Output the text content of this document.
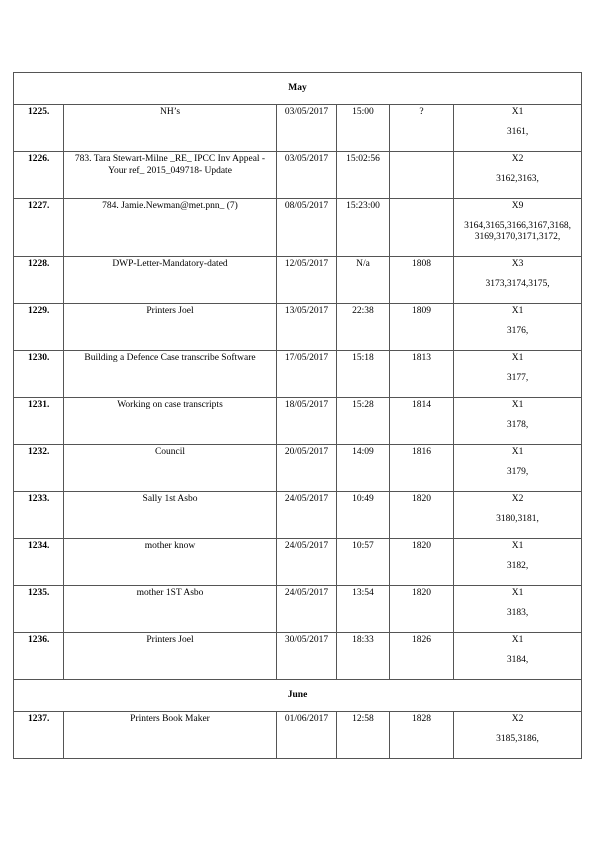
May					
1225.	NH’s	03/05/2017	15:00	?	X1
3161,

1226.	783. Tara Stewart-Milne _RE_ IPCC Inv Appeal - Your ref_ 2015_049718- Update	03/05/2017	15:02:56		X2
3162,3163,

1227.	784. Jamie.Newman@met.pnn_ (7)	08/05/2017	15:23:00		X9
3164,3165,3166,3167,3168, 3169,3170,3171,3172,

1228.	DWP-Letter-Mandatory-dated	12/05/2017	N/a	1808	X3
3173,3174,3175,

1229.	Printers Joel	13/05/2017	22:38	1809	X1
3176,

1230.	Building a Defence Case transcribe Software	17/05/2017	15:18	1813	X1
3177,

1231.	Working on case transcripts	18/05/2017	15:28	1814	X1
3178,

1232.	Council	20/05/2017	14:09	1816	X1
3179,

1233.	Sally 1st Asbo	24/05/2017	10:49	1820	X2
3180,3181,

1234.	mother know	24/05/2017	10:57	1820	X1
3182,

1235.	mother 1ST Asbo	24/05/2017	13:54	1820	X1
3183,

1236.	Printers Joel	30/05/2017	18:33	1826	X1
3184,

June					
1237.	Printers Book Maker	01/06/2017	12:58	1828	X2
3185,3186,
